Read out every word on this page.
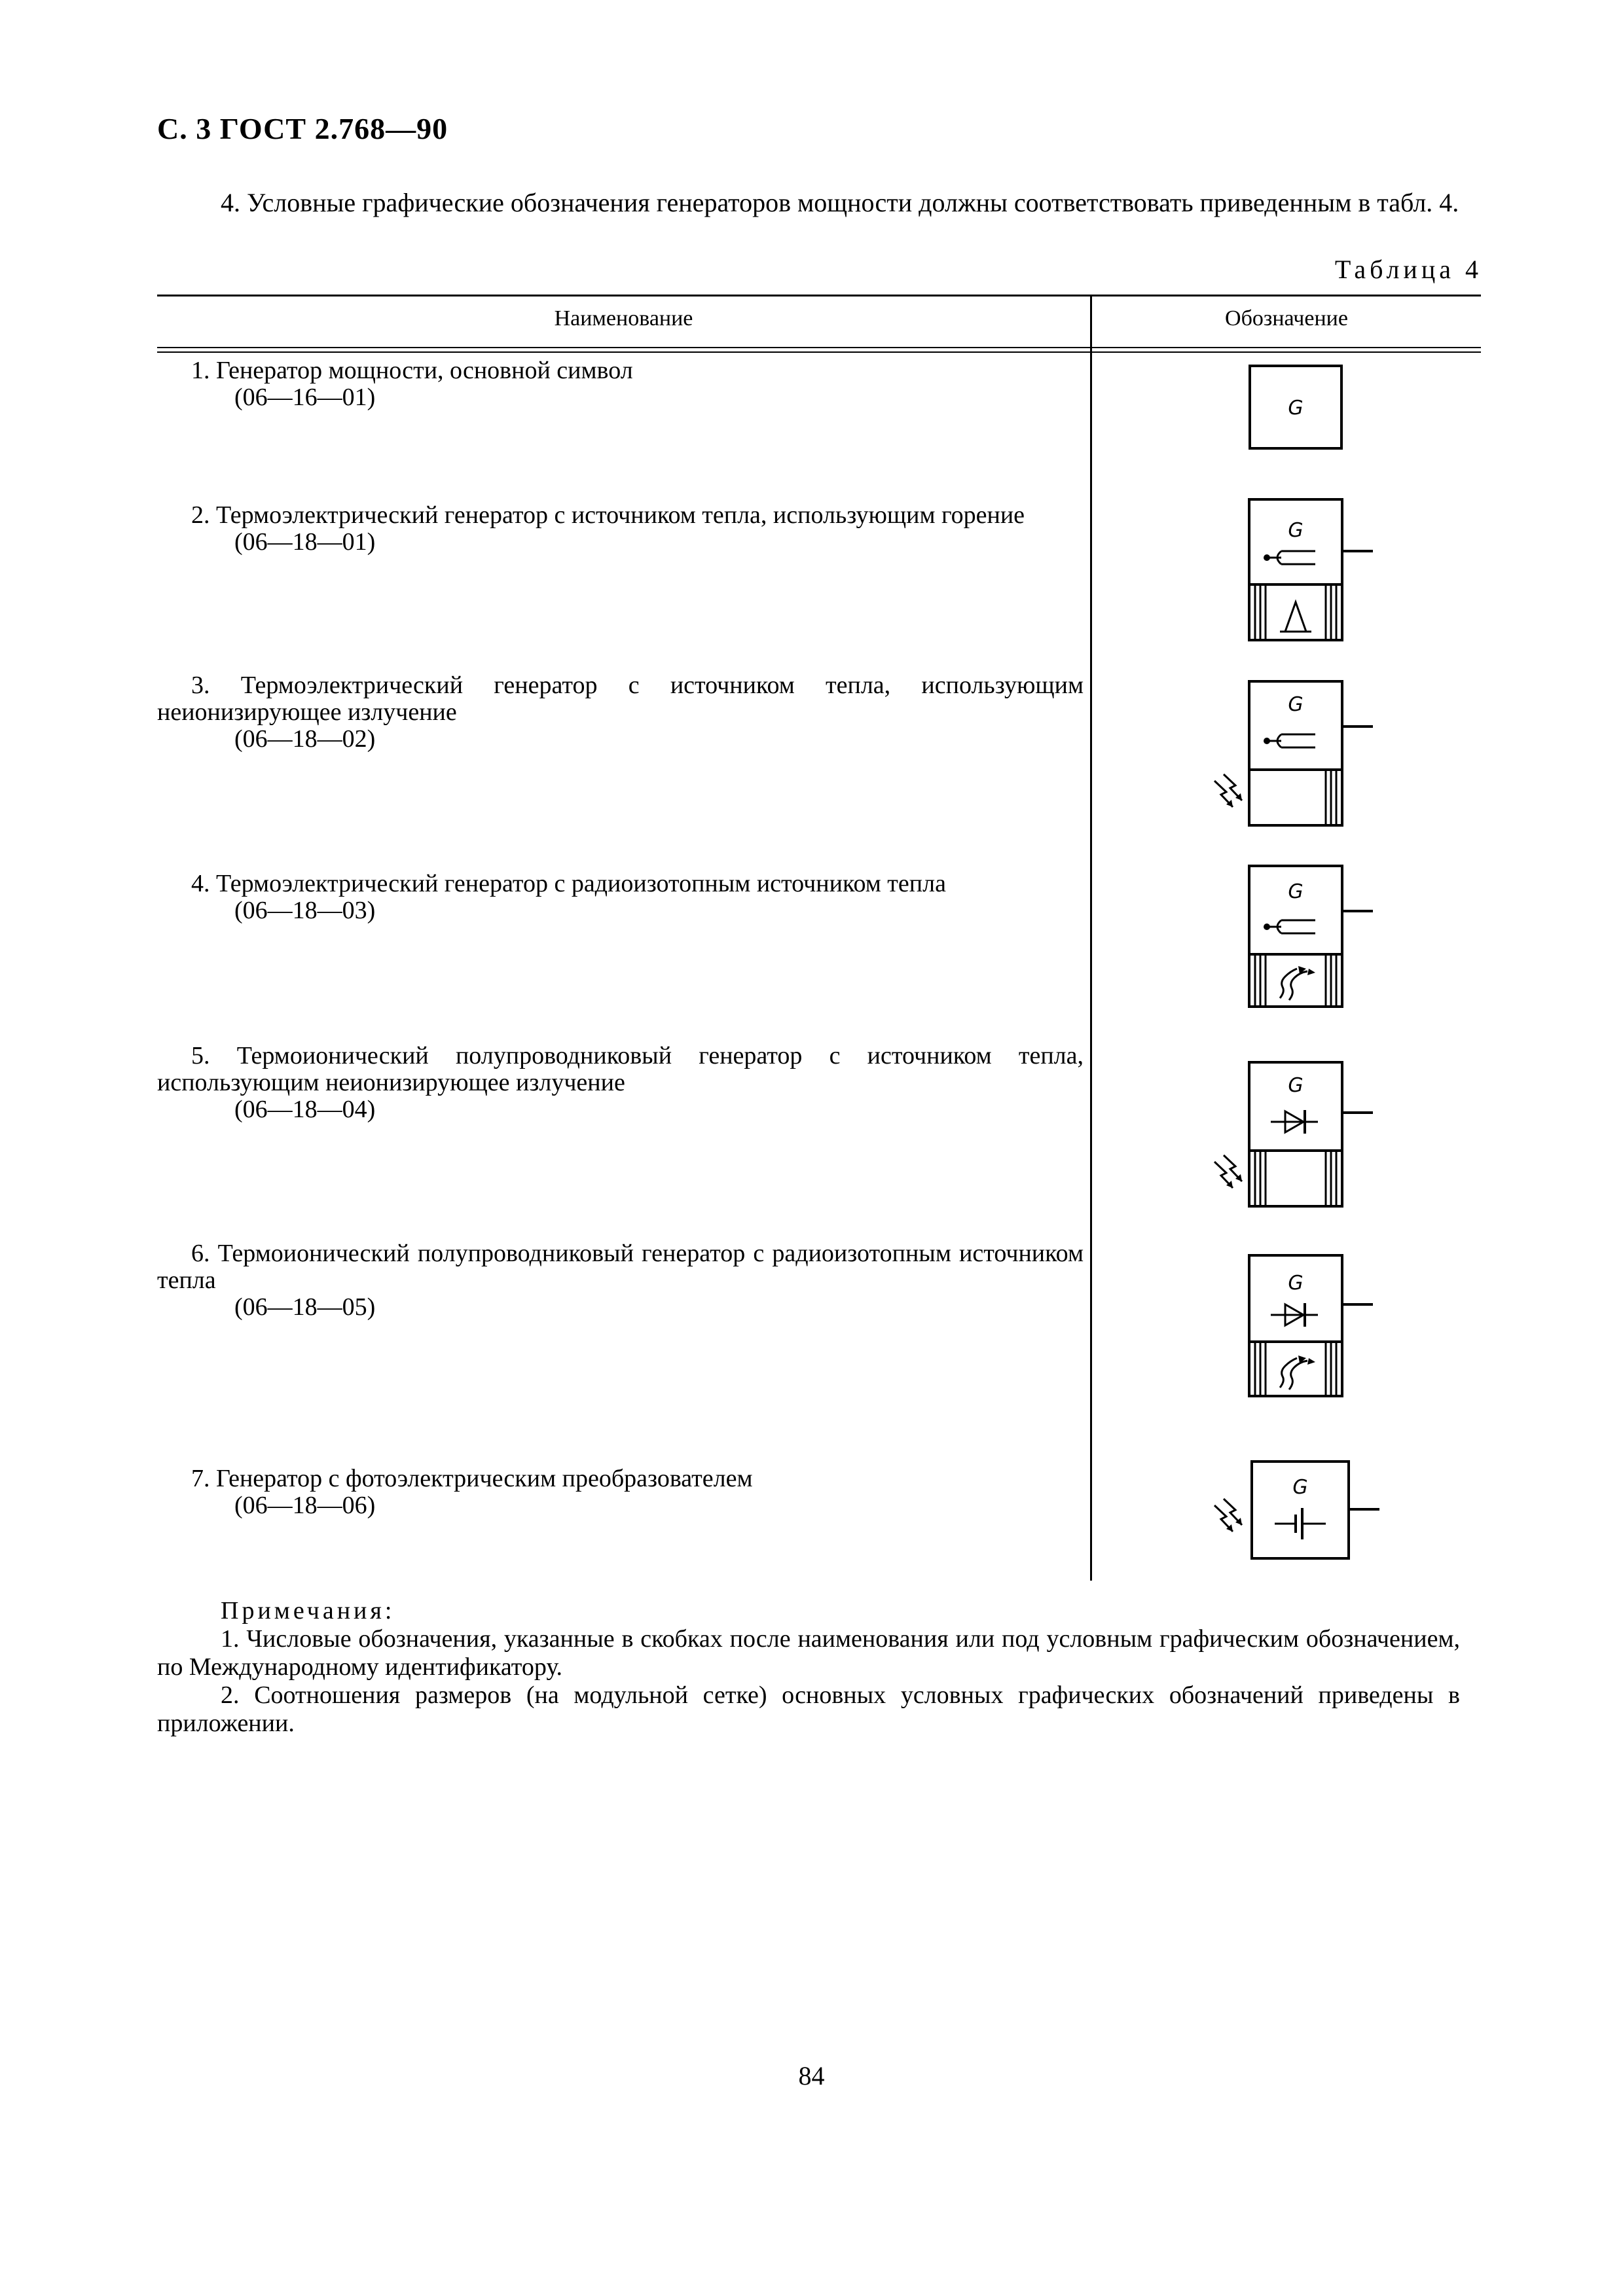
С. 3 ГОСТ 2.768—90
4. Условные графические обозначения генераторов мощности должны соответствовать приведенным в табл. 4.
Таблица 4
Наименование	Обозначение
1. Генератор мощности, основной символ
(06—16—01)
2. Термоэлектрический генератор с источником тепла, использующим горение
(06—18—01)
3. Термоэлектрический генератор с источником тепла, использующим неионизирующее излучение
(06—18—02)
4. Термоэлектрический генератор с радиоизотопным источником тепла
(06—18—03)
5. Термоионический полупроводниковый генератор с источником тепла, использующим неионизирующее излучение
(06—18—04)
6. Термоионический полупроводниковый генератор с радиоизотопным источником тепла
(06—18—05)
7. Генератор с фотоэлектрическим преобразователем
(06—18—06)
G
G
G
G
G
G
G
Примечания:
1. Числовые обозначения, указанные в скобках после наименования или под условным графическим обозначением, по Международному идентификатору.
2. Соотношения размеров (на модульной сетке) основных условных графических обозначений приведены в приложении.
84
